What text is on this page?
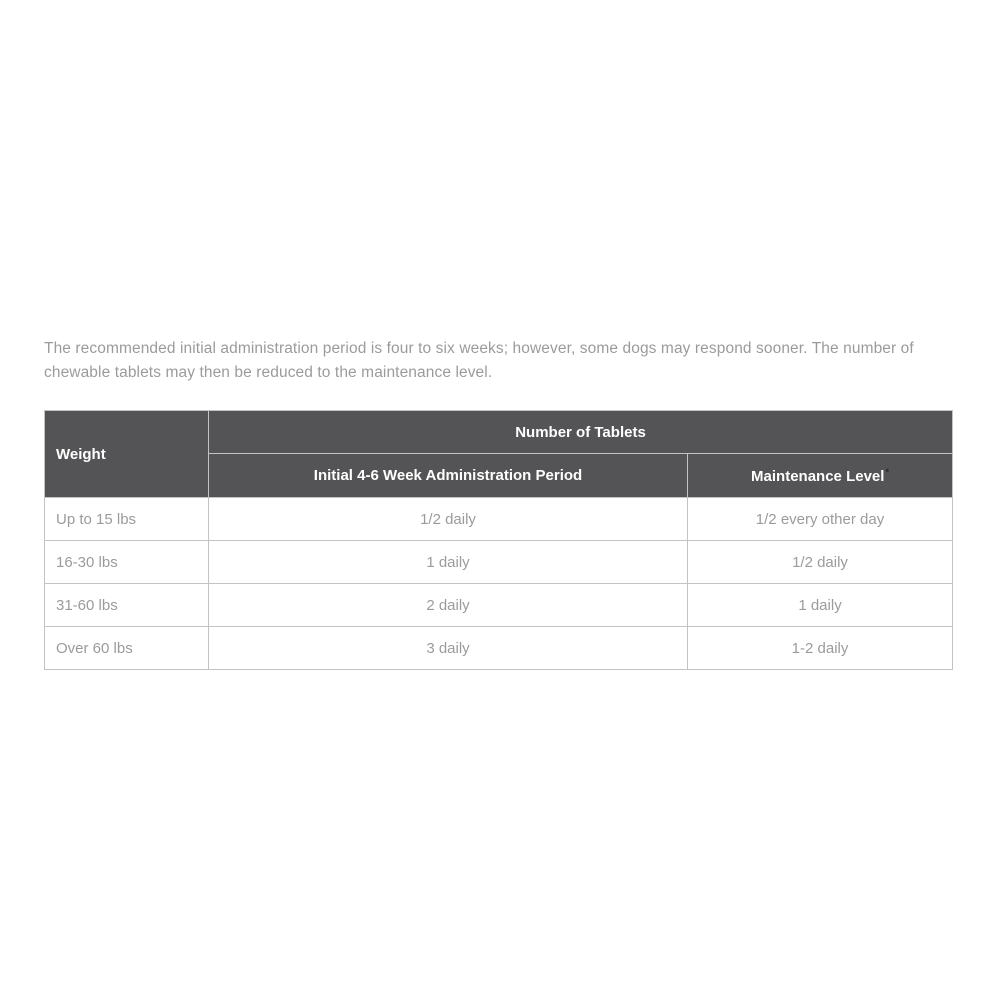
The recommended initial administration period is four to six weeks; however, some dogs may respond sooner. The number of chewable tablets may then be reduced to the maintenance level.

Weight	Number of Tablets	
	Initial 4-6 Week Administration Period	Maintenance Level*
Up to 15 lbs	1/2 daily	1/2 every other day
16-30 lbs	1 daily	1/2 daily
31-60 lbs	2 daily	1 daily
Over 60 lbs	3 daily	1-2 daily
